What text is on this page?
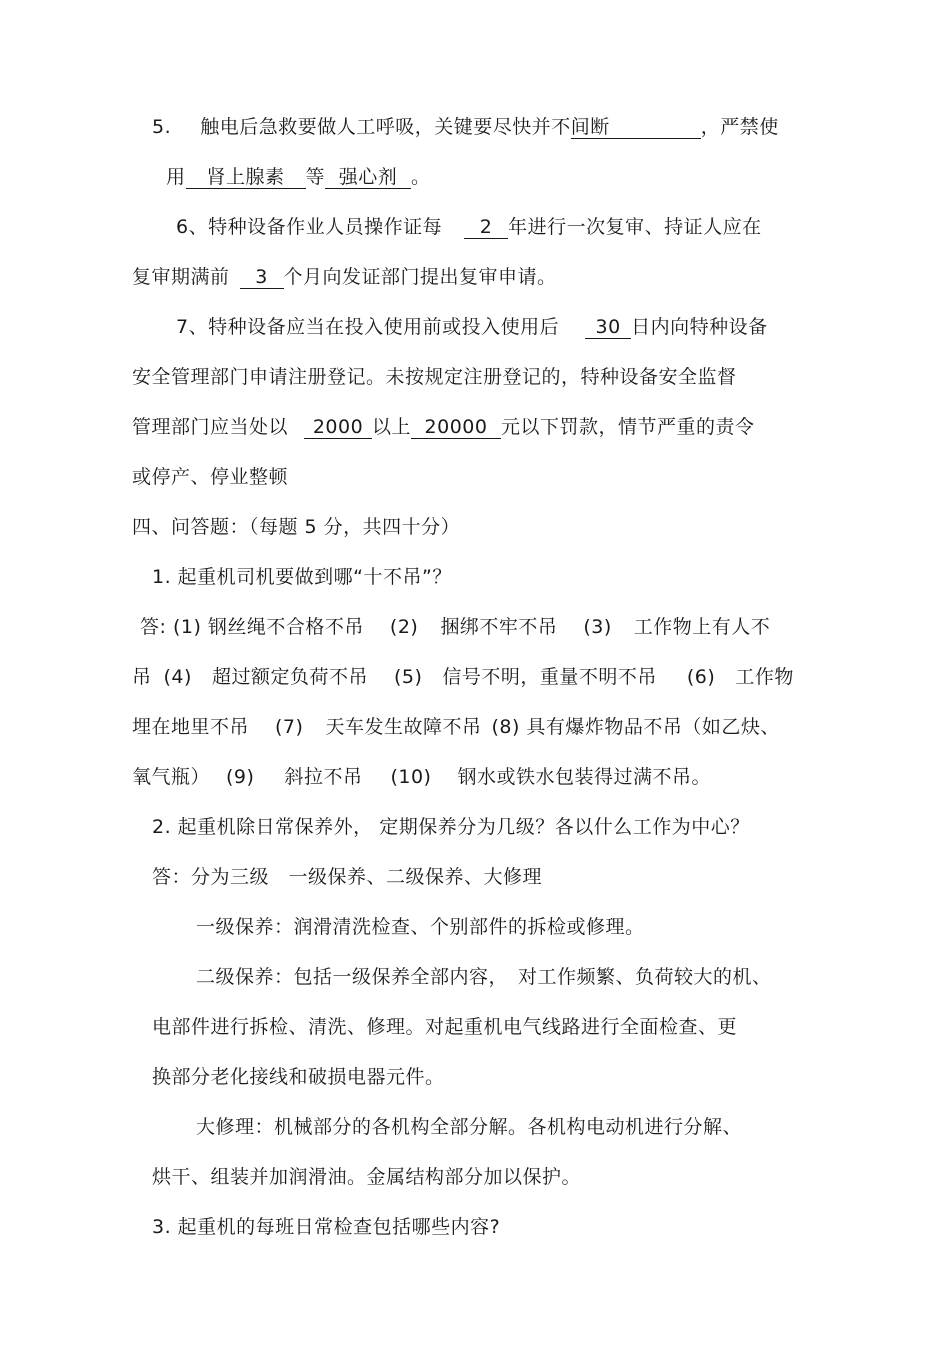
5. 触电后急救要做人工呼吸，关键要尽快并不间断	，严禁使
用 肾上腺素 等 强心剂 。
6、特种设备作业人员操作证每 2 年进行一次复审、持证人应在
复审期满前 3 个月向发证部门提出复审申请。
7、特种设备应当在投入使用前或投入使用后 30 日内向特种设备
安全管理部门申请注册登记。未按规定注册登记的，特种设备安全监督
管理部门应当处以 2000 以上 20000 元以下罚款，情节严重的责令
或停产、停业整顿
四、问答题：（每题 5 分，共四十分）
1. 起重机司机要做到哪“十不吊”？
答: (1) 钢丝绳不合格不吊 (2) 捆绑不牢不吊 (3) 工作物上有人不
吊 (4) 超过额定负荷不吊 (5) 信号不明，重量不明不吊 (6) 工作物
埋在地里不吊 (7) 天车发生故障不吊 (8) 具有爆炸物品不吊（如乙炔、
氧气瓶） (9) 斜拉不吊 (10) 钢水或铁水包装得过满不吊。
2. 起重机除日常保养外， 定期保养分为几级？各以什么工作为中心？
答：分为三级　一级保养、二级保养、大修理
一级保养：润滑清洗检查、个别部件的拆检或修理。
二级保养：包括一级保养全部内容，　对工作频繁、负荷较大的机、
电部件进行拆检、清洗、修理。对起重机电气线路进行全面检查、更
换部分老化接线和破损电器元件。
大修理：机械部分的各机构全部分解。各机构电动机进行分解、
烘干、组装并加润滑油。金属结构部分加以保护。
3. 起重机的每班日常检查包括哪些内容?
